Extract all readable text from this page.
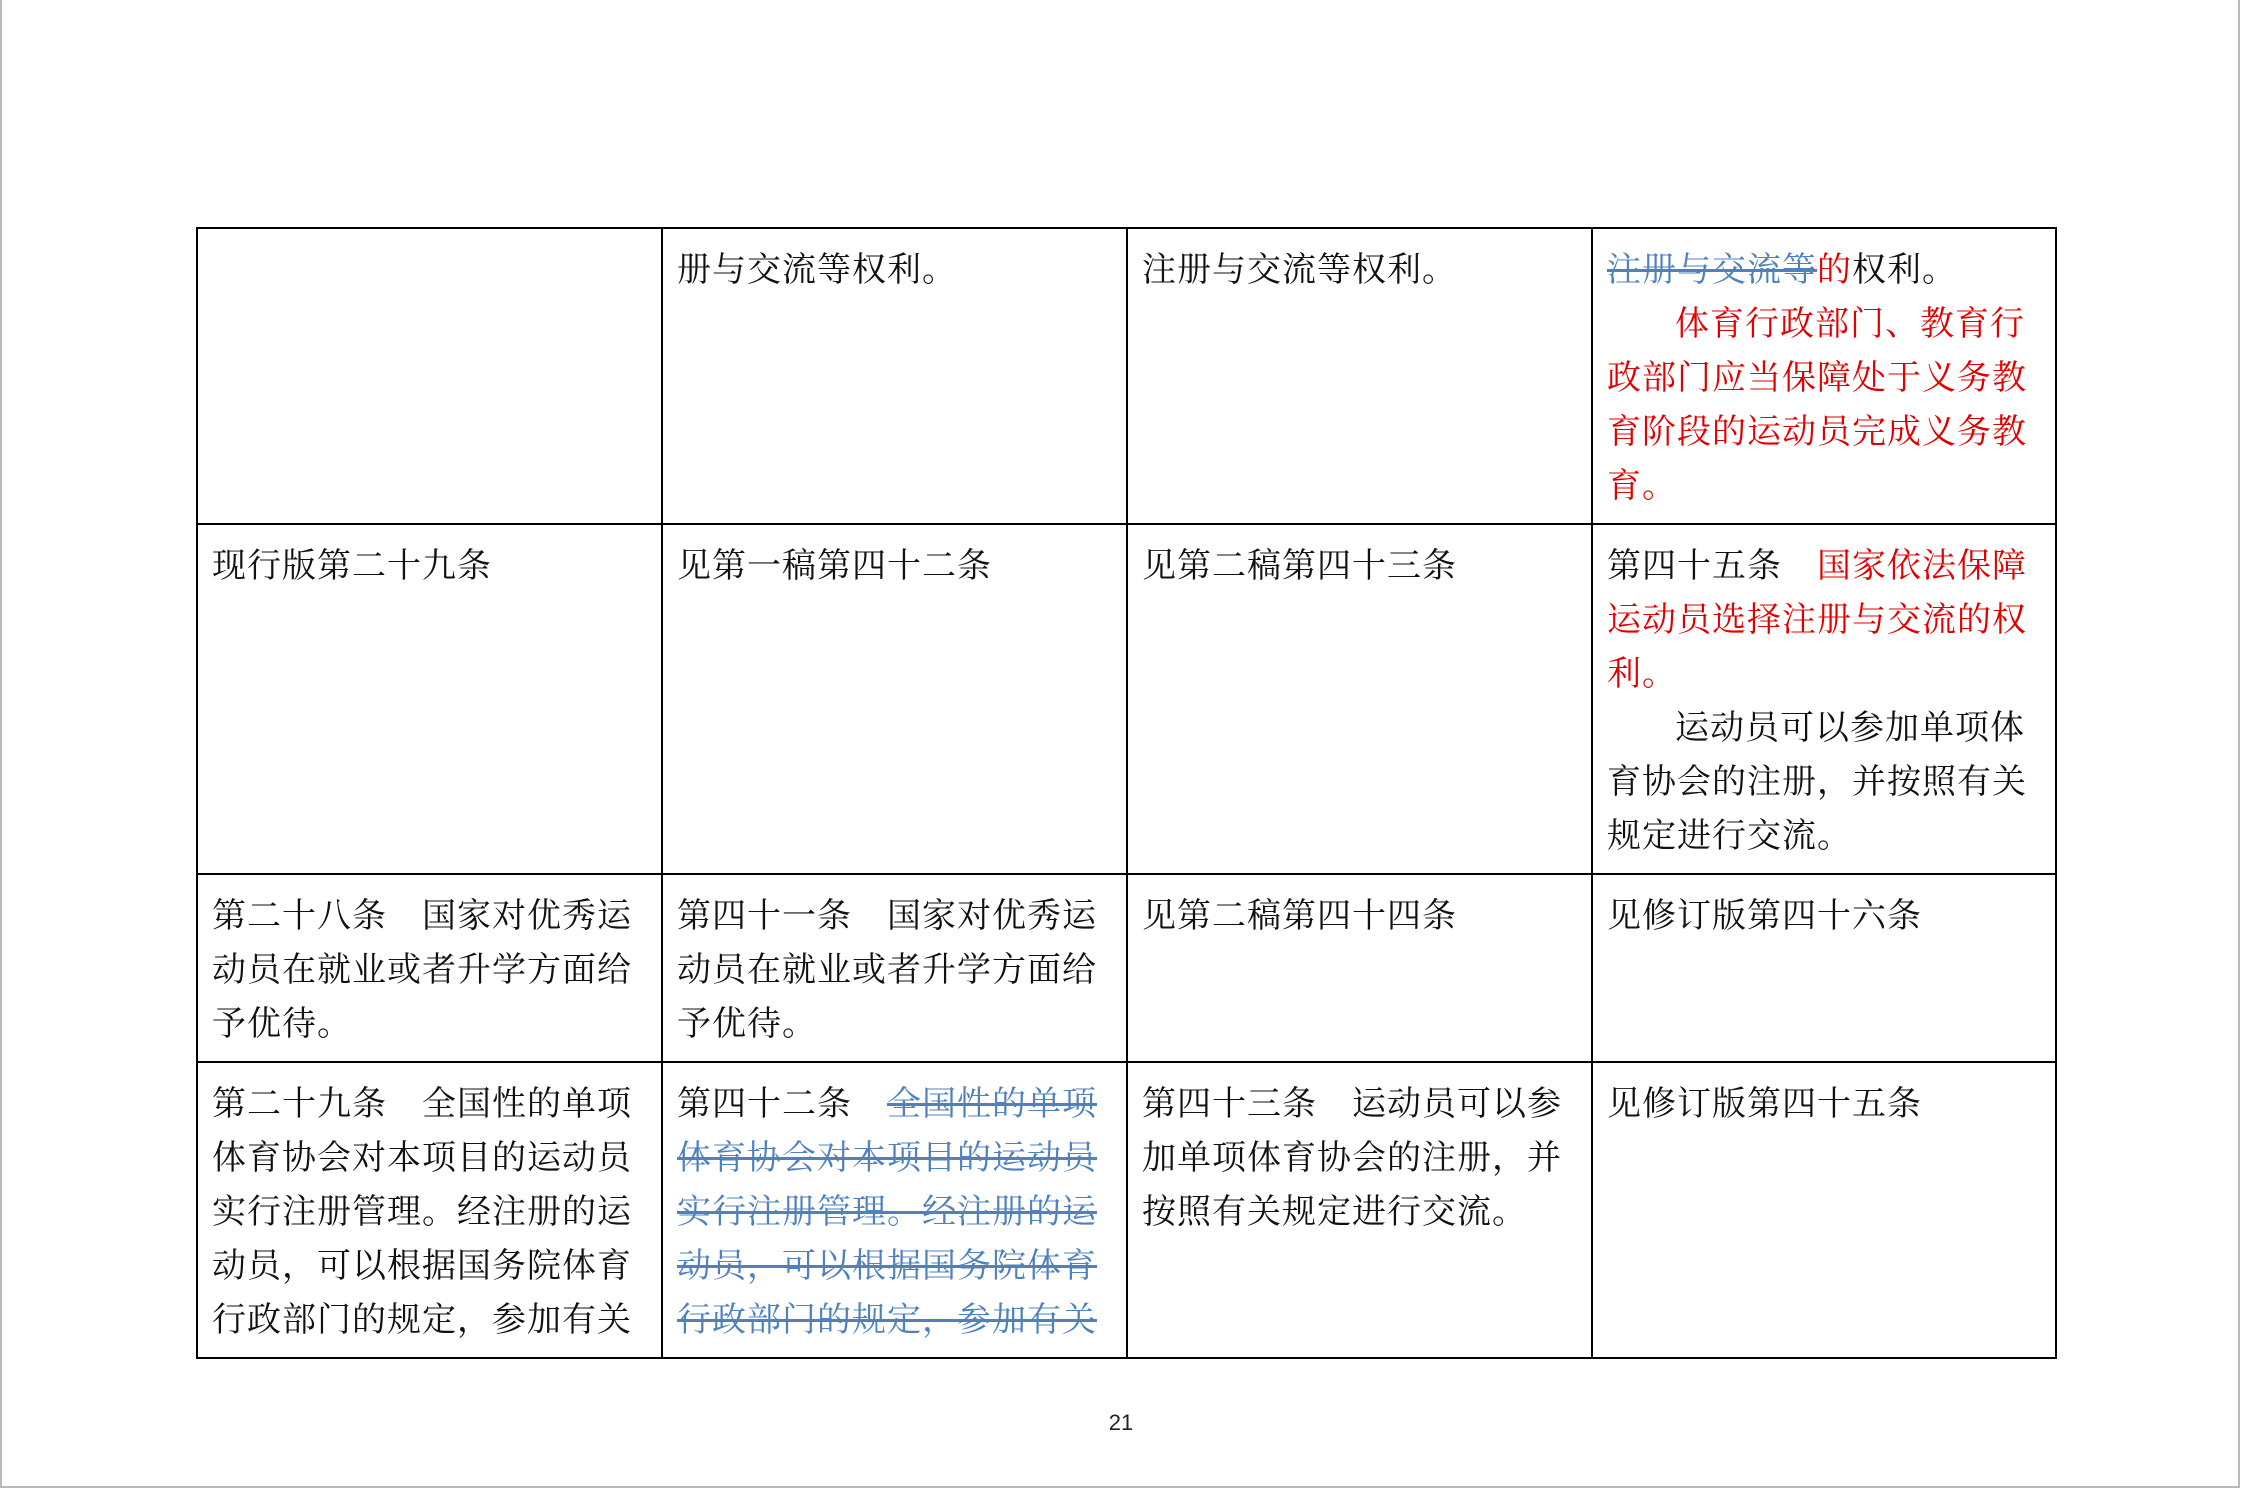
	册与交流等权利。	注册与交流等权利。	注册与交流等的权利。
体育行政部门、教育行政部门应当保障处于义务教育阶段的运动员完成义务教育。

现行版第二十九条	见第一稿第四十二条	见第二稿第四十三条	第四十五条　国家依法保障运动员选择注册与交流的权利。
运动员可以参加单项体育协会的注册，并按照有关规定进行交流。

第二十八条　国家对优秀运动员在就业或者升学方面给予优待。	第四十一条　国家对优秀运动员在就业或者升学方面给予优待。	见第二稿第四十四条	见修订版第四十六条

第二十九条　全国性的单项体育协会对本项目的运动员实行注册管理。经注册的运动员，可以根据国务院体育行政部门的规定，参加有关	第四十二条　全国性的单项体育协会对本项目的运动员实行注册管理。经注册的运动员，可以根据国务院体育行政部门的规定，参加有关	第四十三条　运动员可以参加单项体育协会的注册，并按照有关规定进行交流。	见修订版第四十五条
21
